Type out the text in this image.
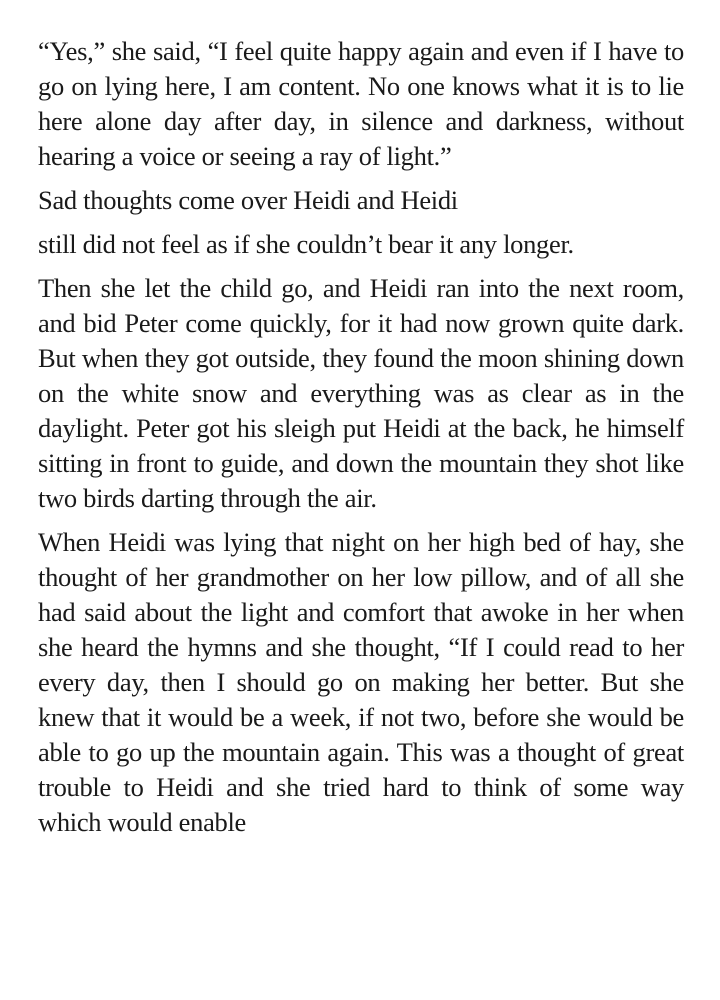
“Yes,” she said, “I feel quite happy again and even if I have to go on lying here, I am content. No one knows what it is to lie here alone day after day, in silence and darkness, without hearing a voice or seeing a ray of light.”

Sad thoughts come over Heidi and Heidi

still did not feel as if she couldn’t bear it any longer.

Then she let the child go, and Heidi ran into the next room, and bid Peter come quickly, for it had now grown quite dark. But when they got outside, they found the moon shining down on the white snow and everything was as clear as in the daylight. Peter got his sleigh put Heidi at the back, he himself sitting in front to guide, and down the mountain they shot like two birds darting through the air.

When Heidi was lying that night on her high bed of hay, she thought of her grandmother on her low pillow, and of all she had said about the light and comfort that awoke in her when she heard the hymns and she thought, “If I could read to her every day, then I should go on making her better. But she knew that it would be a week, if not two, before she would be able to go up the mountain again. This was a thought of great trouble to Heidi and she tried hard to think of some way which would enable
